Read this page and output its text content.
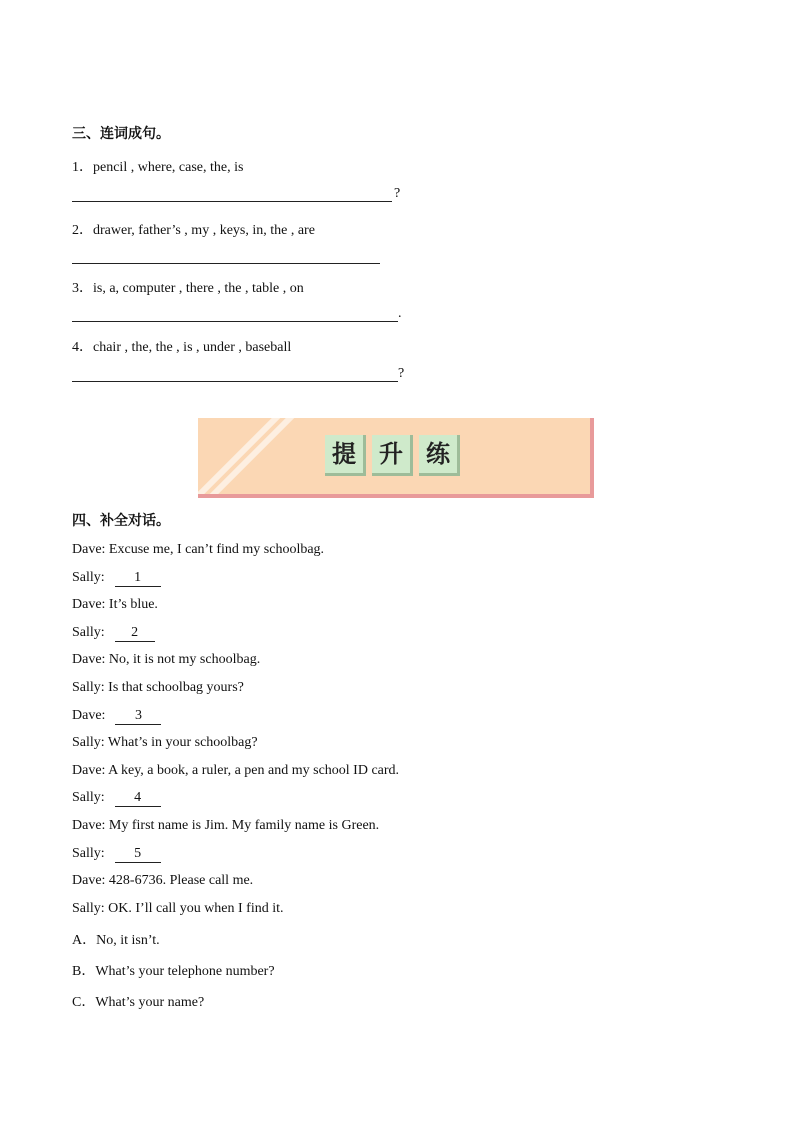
三、连词成句。
1．pencil , where, case, the, is
?
2．drawer, father’s , my , keys, in, the , are
3．is, a, computer , there , the , table , on
.
4．chair , the, the , is , under , baseball
?
提 升 练
四、补全对话。
Dave: Excuse me, I can’t find my schoolbag.
Sally: 1
Dave: It’s blue.
Sally: 2
Dave: No, it is not my schoolbag.
Sally: Is that schoolbag yours?
Dave: 3
Sally: What’s in your schoolbag?
Dave: A key, a book, a ruler, a pen and my school ID card.
Sally: 4
Dave: My first name is Jim. My family name is Green.
Sally: 5
Dave: 428-6736. Please call me.
Sally: OK. I’ll call you when I find it.
A．No, it isn’t.
B．What’s your telephone number?
C．What’s your name?
